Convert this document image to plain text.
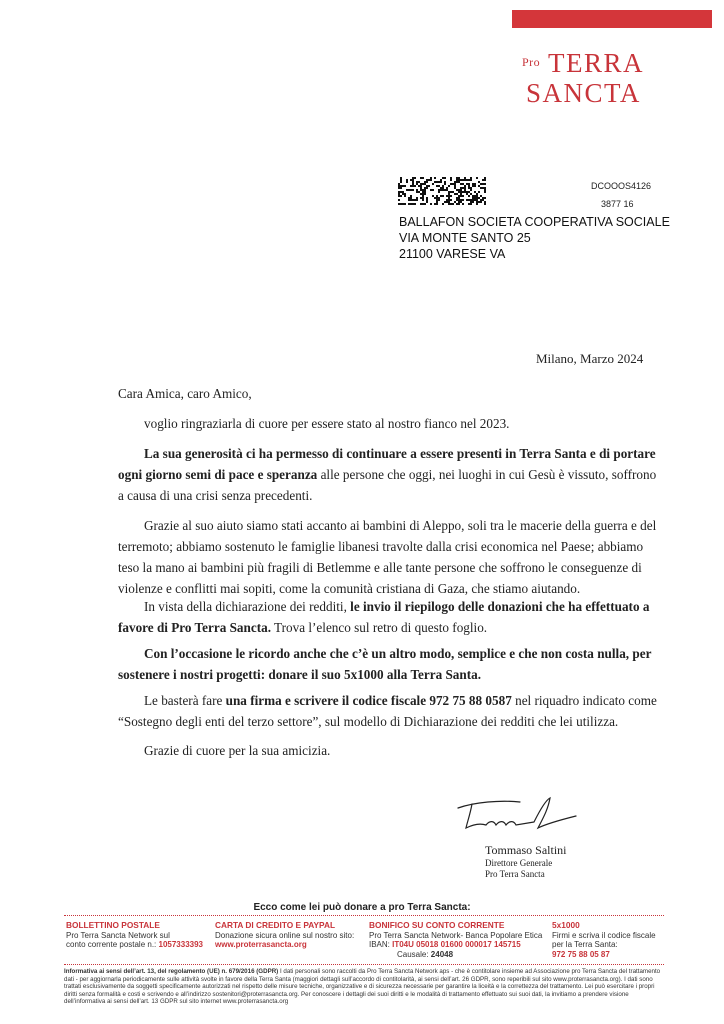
Pro TERRA
SANCTA
DCOOOS4126
3877 16
BALLAFON SOCIETA COOPERATIVA SOCIALE
VIA MONTE SANTO 25
21100 VARESE VA
Milano, Marzo 2024
Cara Amica, caro Amico,
voglio ringraziarla di cuore per essere stato al nostro fianco nel 2023.
La sua generosità ci ha permesso di continuare a essere presenti in Terra Santa e di portare ogni giorno semi di pace e speranza alle persone che oggi, nei luoghi in cui Gesù è vissuto, soffrono a causa di una crisi senza precedenti.
Grazie al suo aiuto siamo stati accanto ai bambini di Aleppo, soli tra le macerie della guerra e del terremoto; abbiamo sostenuto le famiglie libanesi travolte dalla crisi economica nel Paese; abbiamo teso la mano ai bambini più fragili di Betlemme e alle tante persone che soffrono le conseguenze di violenze e conflitti mai sopiti, come la comunità cristiana di Gaza, che stiamo aiutando.
In vista della dichiarazione dei redditi, le invio il riepilogo delle donazioni che ha effettuato a favore di Pro Terra Sancta. Trova l’elenco sul retro di questo foglio.
Con l’occasione le ricordo anche che c’è un altro modo, semplice e che non costa nulla, per sostenere i nostri progetti: donare il suo 5x1000 alla Terra Santa.
Le basterà fare una firma e scrivere il codice fiscale 972 75 88 0587 nel riquadro indicato come “Sostegno degli enti del terzo settore”, sul modello di Dichiarazione dei redditi che lei utilizza.
Grazie di cuore per la sua amicizia.
Tommaso Saltini
Direttore Generale
Pro Terra Sancta
Ecco come lei può donare a pro Terra Sancta:
BOLLETTINO POSTALE
Pro Terra Sancta Network sul
conto corrente postale n.: 1057333393
CARTA DI CREDITO E PAYPAL
Donazione sicura online sul nostro sito:
www.proterrasancta.org
BONIFICO SU CONTO CORRENTE
Pro Terra Sancta Network- Banca Popolare Etica
IBAN: IT04U 05018 01600 000017 145715
Causale: 24048
5x1000
Firmi e scriva il codice fiscale
per la Terra Santa:
972 75 88 05 87
Informativa ai sensi dell’art. 13, del regolamento (UE) n. 679/2016 (GDPR) I dati personali sono raccolti da Pro Terra Sancta Network aps - che è contitolare insieme ad Associazione pro Terra Sancta del trattamento dati - per aggiornarla periodicamente sulle attività svolte in favore della Terra Santa (maggiori dettagli sull’accordo di contitolarità, ai sensi dell’art. 26 GDPR, sono reperibili sul sito www.proterrasancta.org). I dati sono trattati esclusivamente da soggetti specificamente autorizzati nel rispetto delle misure tecniche, organizzative e di sicurezza necessarie per garantire la liceità e la correttezza del trattamento. Lei può esercitare i propri diritti senza formalità e costi e scrivendo e all’indirizzo sostenitori@proterrasancta.org. Per conoscere i dettagli dei suoi diritti e le modalità di trattamento effettuato sui suoi dati, la invitiamo a prendere visione dell’informativa ai sensi dell’art. 13 GDPR sul sito internet www.proterrasancta.org
